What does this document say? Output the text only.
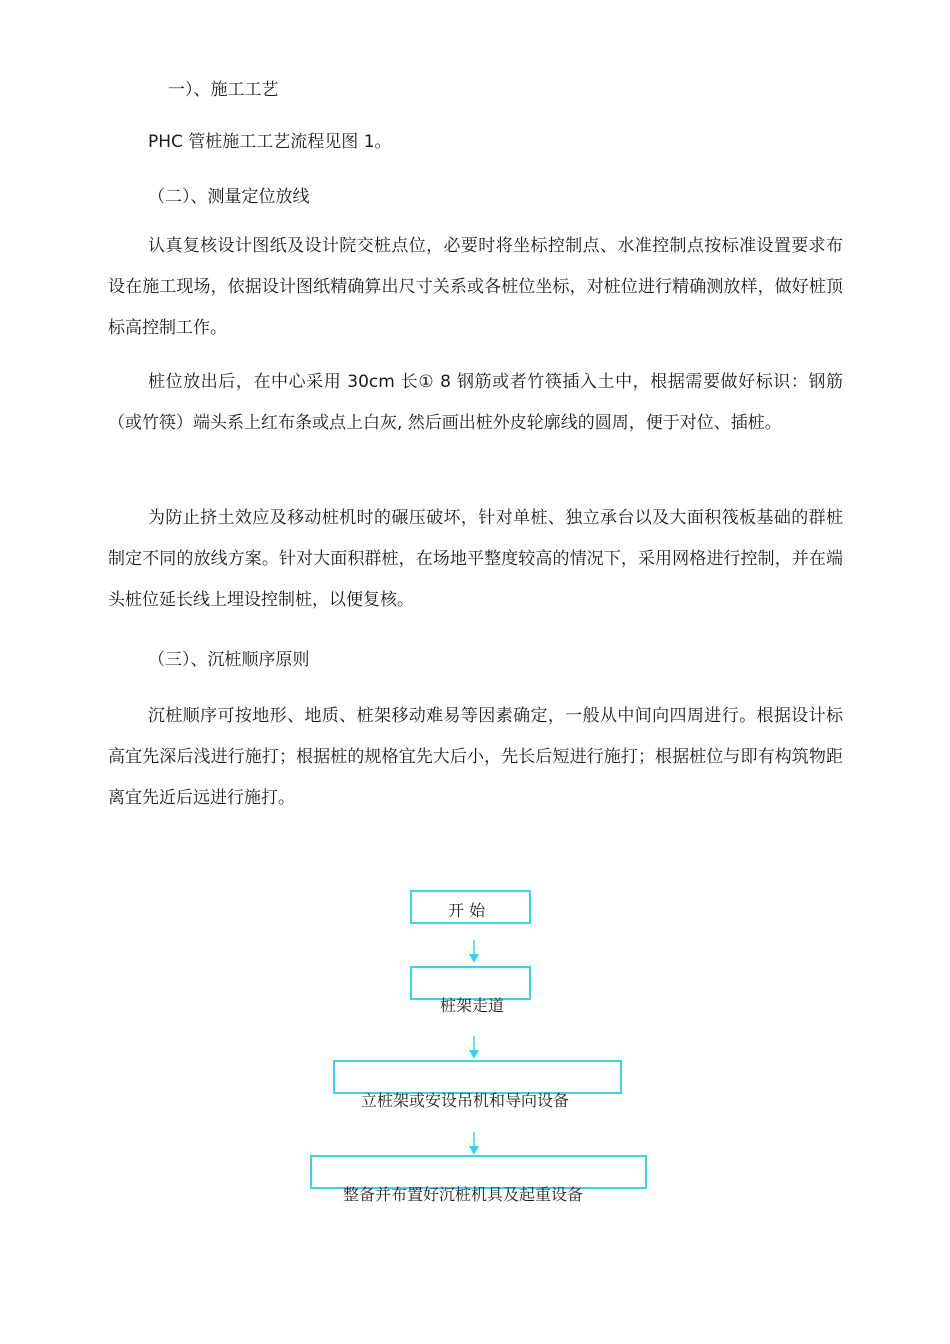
一）、施工工艺
PHC 管桩施工工艺流程见图 1。
（二）、测量定位放线

认真复核设计图纸及设计院交桩点位，必要时将坐标控制点、水准控制点按标准设置要求布设在施工现场，依据设计图纸精确算出尺寸关系或各桩位坐标，对桩位进行精确测放样，做好桩顶标高控制工作。

桩位放出后，在中心采用 30cm 长① 8 钢筋或者竹筷插入土中，根据需要做好标识：钢筋（或竹筷）端头系上红布条或点上白灰, 然后画出桩外皮轮廓线的圆周，便于对位、插桩。

为防止挤土效应及移动桩机时的碾压破坏，针对单桩、独立承台以及大面积筏板基础的群桩制定不同的放线方案。针对大面积群桩，在场地平整度较高的情况下，采用网格进行控制，并在端头桩位延长线上埋设控制桩，以便复核。

（三）、沉桩顺序原则

沉桩顺序可按地形、地质、桩架移动难易等因素确定，一般从中间向四周进行。根据设计标高宜先深后浅进行施打；根据桩的规格宜先大后小，先长后短进行施打；根据桩位与即有构筑物距离宜先近后远进行施打。

开 始
桩架走道
立桩架或安设吊机和导向设备
整备并布置好沉桩机具及起重设备
